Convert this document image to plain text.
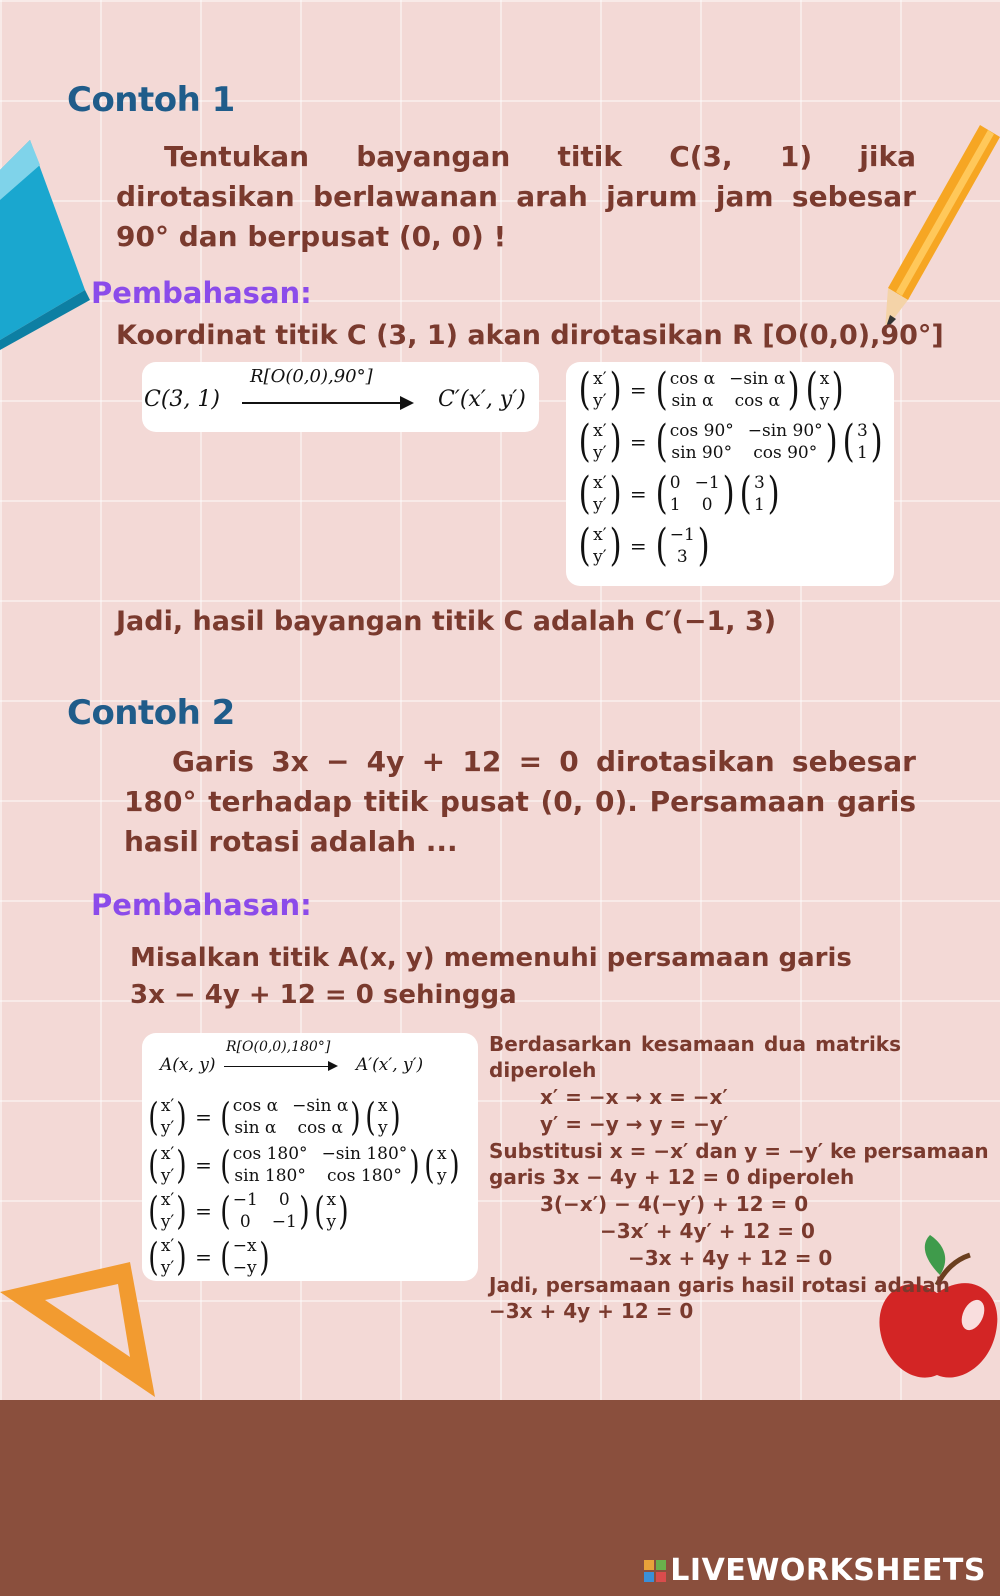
Contoh 1
Tentukan bayangan titik C(3, 1) jika dirotasikan berlawanan arah jarum jam sebesar 90° dan berpusat (0, 0) !
Pembahasan:
Koordinat titik C (3, 1) akan dirotasikan R [O(0,0),90°]
C(3, 1)
R[O(0,0),90°]
C′(x′, y′) ( x′
y′ ) = ( cos α −sin α
sin α	cos α ) ( x
y )
( x′
y′ ) = ( cos 90° −sin 90°
sin 90°	cos 90° ) ( 3
1 )
( x′
y′ ) = ( 0 −1
1	0 ) ( 3
1 )
( x′
y′ ) = ( −1
3 )
Jadi, hasil bayangan titik C adalah C′(−1, 3)
Contoh 2
Garis 3x − 4y + 12 = 0 dirotasikan sebesar 180° terhadap titik pusat (0, 0). Persamaan garis hasil rotasi adalah ...
Pembahasan:
Misalkan titik A(x, y) memenuhi persamaan garis
3x − 4y + 12 = 0 sehingga
A(x, y)
R[O(0,0),180°]
A′(x′, y′)
( x′
y′ ) = ( cos α −sin α
sin α	cos α ) ( x
y )
( x′
y′ ) = ( cos 180° −sin 180°
sin 180°	cos 180° ) ( x
y )
( x′
y′ ) = ( −1	0
0	−1 ) ( x
y )
( x′
y′ ) = ( −x
−y )
Berdasarkan kesamaan dua matriks
diperoleh
x′ = −x → x = −x′
y′ = −y → y = −y′
Substitusi x = −x′ dan y = −y′ ke persamaan
garis 3x − 4y + 12 = 0 diperoleh
3(−x′) − 4(−y′) + 12 = 0
−3x′ + 4y′ + 12 = 0
−3x + 4y + 12 = 0
Jadi, persamaan garis hasil rotasi adalah
−3x + 4y + 12 = 0
LIVEWORKSHEETS
